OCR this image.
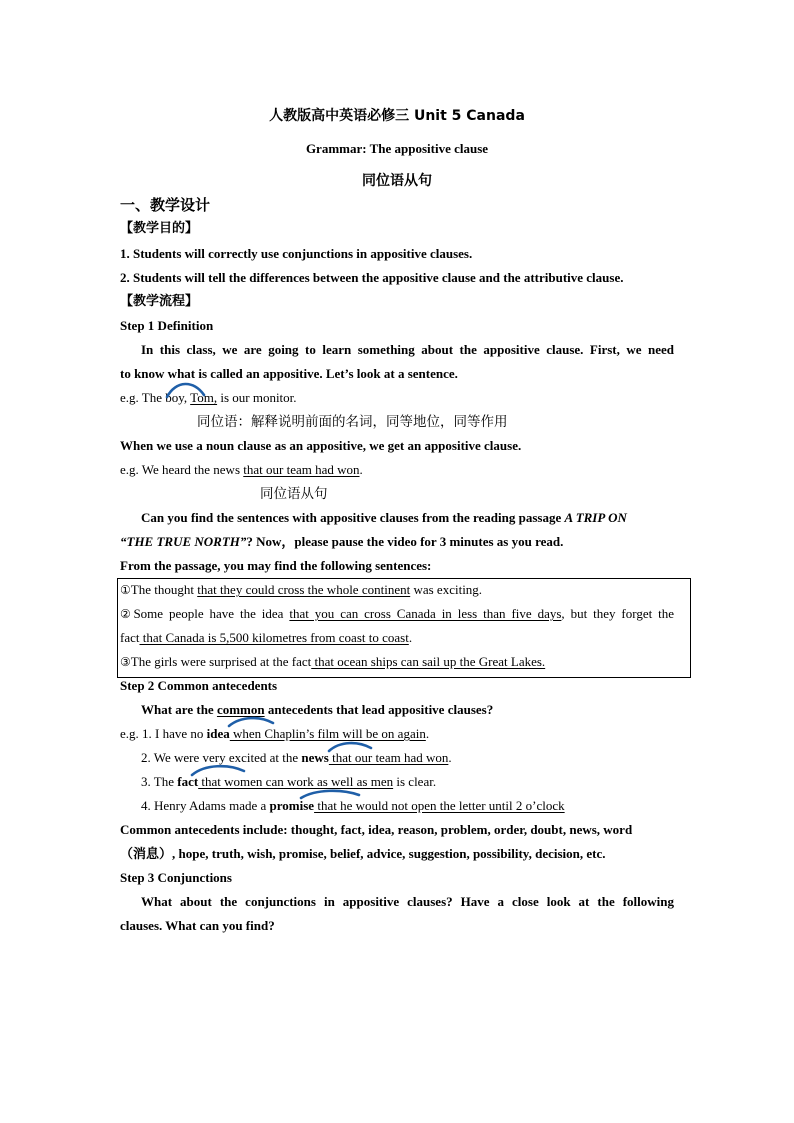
人教版高中英语必修三 Unit 5 Canada
Grammar: The appositive clause
同位语从句
一、教学设计
【教学目的】
1. Students will correctly use conjunctions in appositive clauses.
2. Students will tell the differences between the appositive clause and the attributive clause.
【教学流程】
Step 1 Definition
In this class, we are going to learn something about the appositive clause. First, we need
to know what is called an appositive. Let’s look at a sentence.
e.g. The boy, Tom, is our monitor.
同位语：解释说明前面的名词，同等地位，同等作用
When we use a noun clause as an appositive, we get an appositive clause.
e.g. We heard the news that our team had won.
同位语从句
Can you find the sentences with appositive clauses from the reading passage A TRIP ON
“THE TRUE NORTH”? Now，please pause the video for 3 minutes as you read.
From the passage, you may find the following sentences:
①The thought that they could cross the whole continent was exciting.
②Some people have the idea that you can cross Canada in less than five days, but they forget the
fact that Canada is 5,500 kilometres from coast to coast.
③The girls were surprised at the fact that ocean ships can sail up the Great Lakes.
Step 2 Common antecedents
What are the common antecedents that lead appositive clauses?
e.g. 1. I have no idea when Chaplin’s film will be on again.
2. We were very excited at the news that our team had won.
3. The fact that women can work as well as men is clear.
4. Henry Adams made a promise that he would not open the letter until 2 o’clock
Common antecedents include: thought, fact, idea, reason, problem, order, doubt, news, word
（消息）, hope, truth, wish, promise, belief, advice, suggestion, possibility, decision, etc.
Step 3 Conjunctions
What about the conjunctions in appositive clauses? Have a close look at the following
clauses. What can you find?
